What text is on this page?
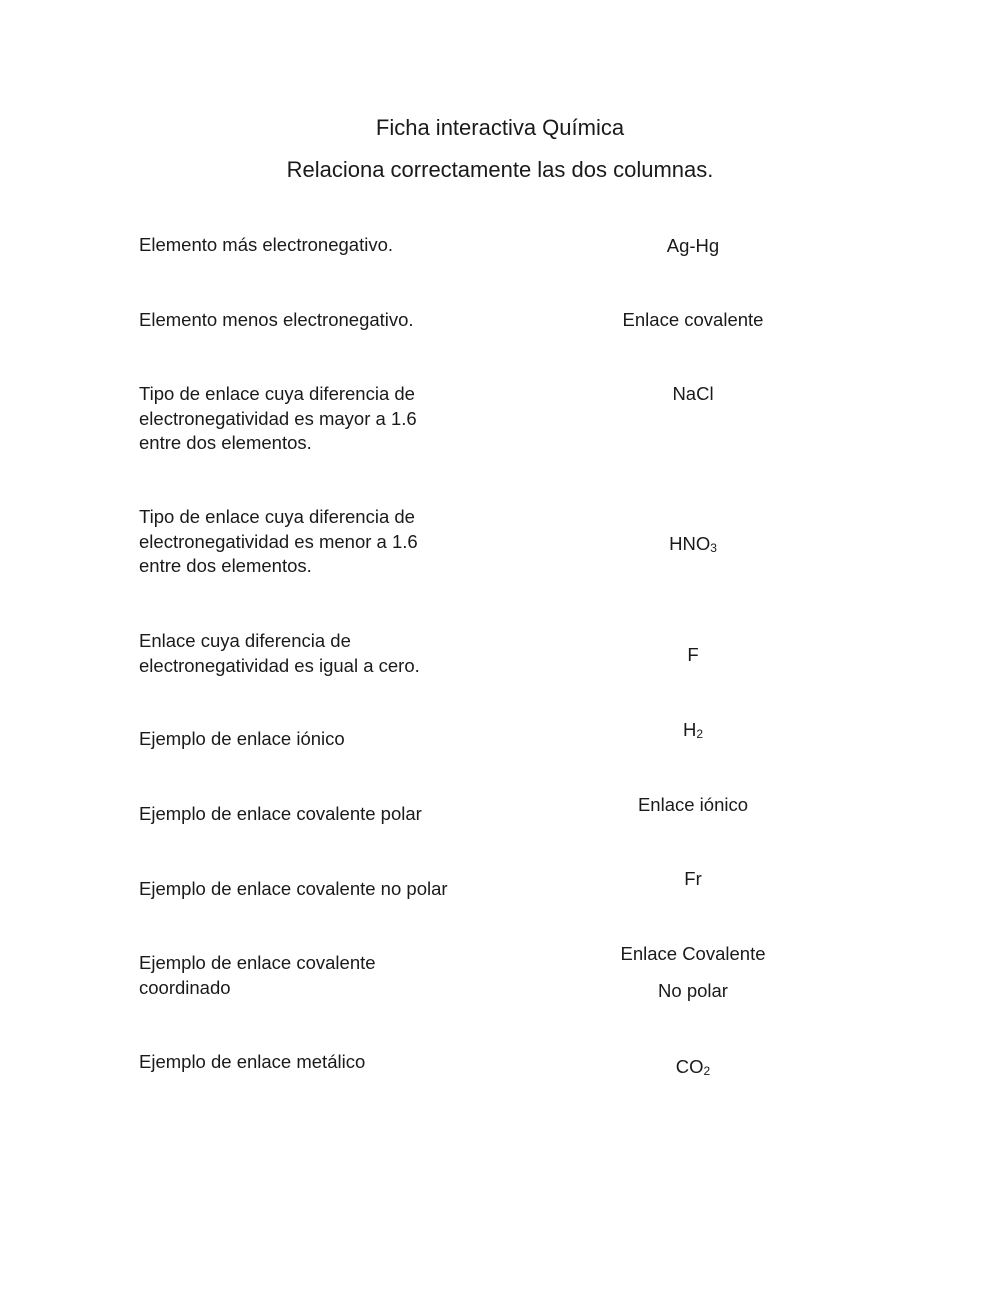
Ficha interactiva Química
Relaciona correctamente las dos columnas.
Elemento más electronegativo.
Elemento menos electronegativo.
Tipo de enlace cuya diferencia de electronegatividad es mayor a 1.6 entre dos elementos.
Tipo de enlace cuya diferencia de electronegatividad es menor a 1.6 entre dos elementos.
Enlace cuya diferencia de electronegatividad es igual a cero.
Ejemplo de enlace iónico
Ejemplo de enlace covalente polar
Ejemplo de enlace covalente no polar
Ejemplo de enlace covalente coordinado
Ejemplo de enlace metálico
Ag-Hg
Enlace covalente
NaCl
$HNO_3$
F
$H_2$
Enlace iónico
Fr
Enlace Covalente
No polar
$CO_2$
